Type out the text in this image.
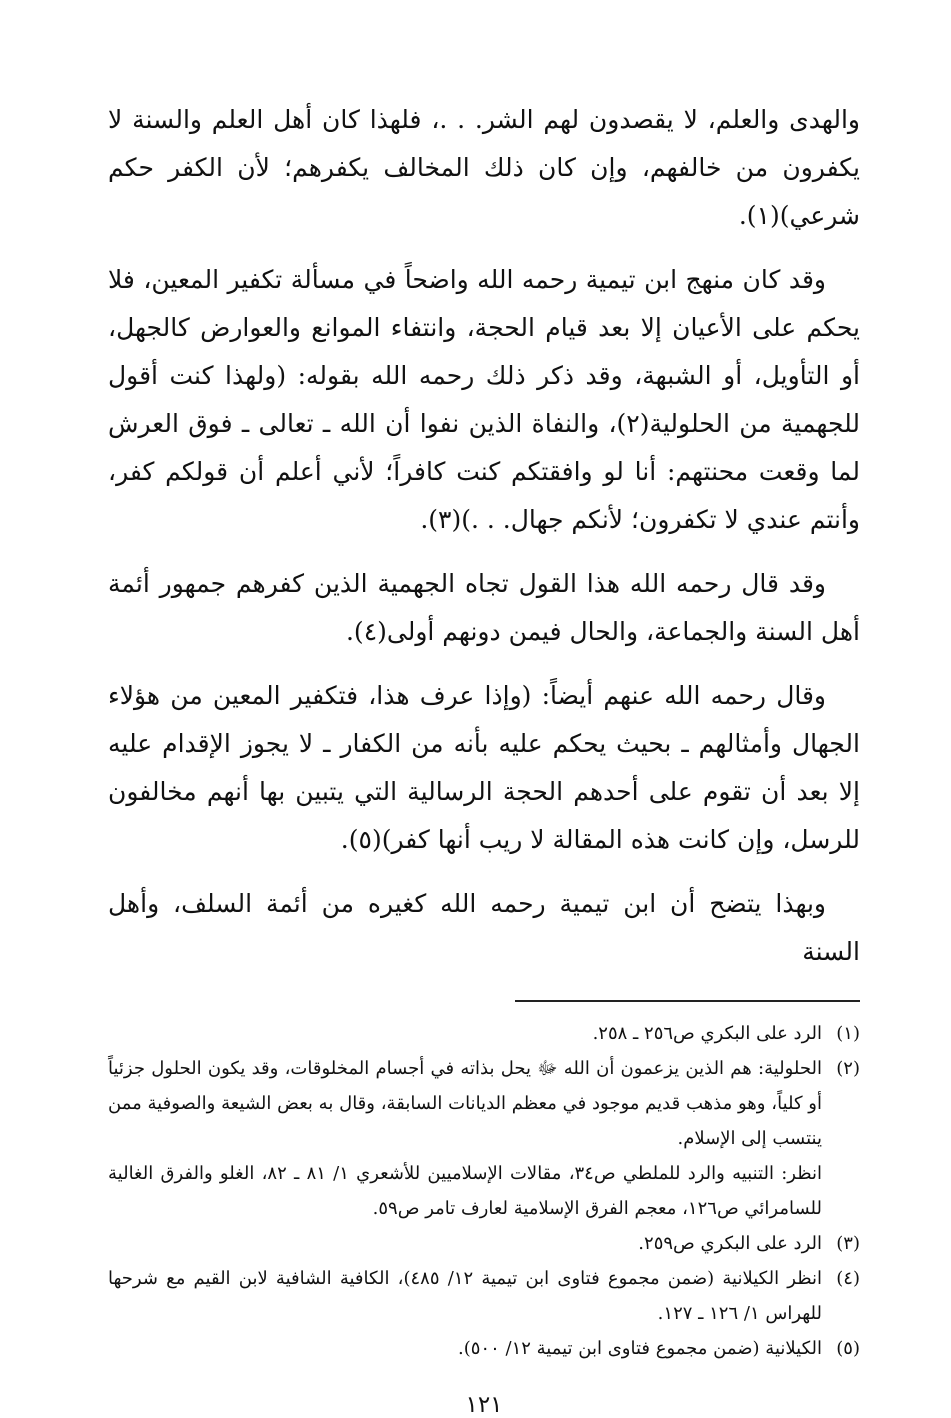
والهدى والعلم، لا يقصدون لهم الشر. . .، فلهذا كان أهل العلم والسنة لا يكفرون من خالفهم، وإن كان ذلك المخالف يكفرهم؛ لأن الكفر حكم شرعي)(١).

وقد كان منهج ابن تيمية رحمه الله واضحاً في مسألة تكفير المعين، فلا يحكم على الأعيان إلا بعد قيام الحجة، وانتفاء الموانع والعوارض كالجهل، أو التأويل، أو الشبهة، وقد ذكر ذلك رحمه الله بقوله: (ولهذا كنت أقول للجهمية من الحلولية(٢)، والنفاة الذين نفوا أن الله ـ تعالى ـ فوق العرش لما وقعت محنتهم: أنا لو وافقتكم كنت كافراً؛ لأني أعلم أن قولكم كفر، وأنتم عندي لا تكفرون؛ لأنكم جهال. . .)(٣).

وقد قال رحمه الله هذا القول تجاه الجهمية الذين كفرهم جمهور أئمة أهل السنة والجماعة، والحال فيمن دونهم أولى(٤).

وقال رحمه الله عنهم أيضاً: (وإذا عرف هذا، فتكفير المعين من هؤلاء الجهال وأمثالهم ـ بحيث يحكم عليه بأنه من الكفار ـ لا يجوز الإقدام عليه إلا بعد أن تقوم على أحدهم الحجة الرسالية التي يتبين بها أنهم مخالفون للرسل، وإن كانت هذه المقالة لا ريب أنها كفر)(٥).

وبهذا يتضح أن ابن تيمية رحمه الله كغيره من أئمة السلف، وأهل السنة

(١)
الرد على البكري ص٢٥٦ ـ ٢٥٨.
(٢)
الحلولية: هم الذين يزعمون أن الله ﷻ يحل بذاته في أجسام المخلوقات، وقد يكون الحلول جزئياً أو كلياً، وهو مذهب قديم موجود في معظم الديانات السابقة، وقال به بعض الشيعة والصوفية ممن ينتسب إلى الإسلام.
انظر: التنبيه والرد للملطي ص٣٤، مقالات الإسلاميين للأشعري ١/ ٨١ ـ ٨٢، الغلو والفرق الغالية للسامرائي ص١٢٦، معجم الفرق الإسلامية لعارف تامر ص٥٩.
(٣)
الرد على البكري ص٢٥٩.
(٤)
انظر الكيلانية (ضمن مجموع فتاوى ابن تيمية ١٢/ ٤٨٥)، الكافية الشافية لابن القيم مع شرحها للهراس ١/ ١٢٦ ـ ١٢٧.
(٥)
الكيلانية (ضمن مجموع فتاوى ابن تيمية ١٢/ ٥٠٠).
١٢١
